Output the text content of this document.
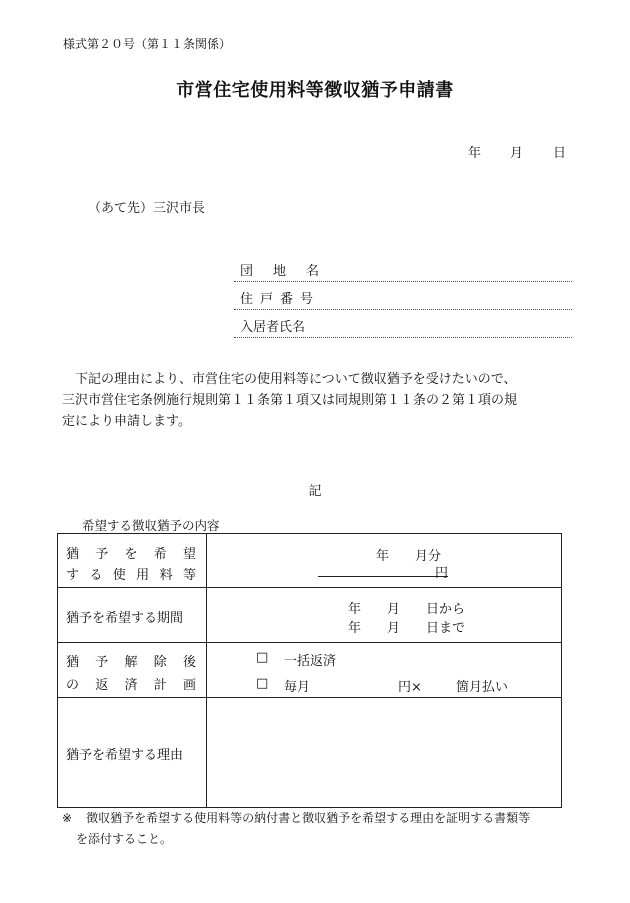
様式第２０号（第１１条関係）
市営住宅使用料等徴収猶予申請書
年 月 日
（あて先）三沢市長
団 地 名
住 戸 番 号
入居者氏名
　下記の理由により、市営住宅の使用料等について徴収猶予を受けたいので、
三沢市営住宅条例施行規則第１１条第１項又は同規則第１１条の２第１項の規
定により申請します。
記
希望する徴収猶予の内容
猶 予 を 希 望
す る 使 用 料 等
年　　月分
円
猶予を希望する期間
年　　月　　日から
年　　月　　日まで
猶 予 解 除 後
の 返 済 計 画
□ 一括返済
□ 毎月	円×	箇月払い
猶予を希望する理由
※ 徴収猶予を希望する使用料等の納付書と徴収猶予を希望する理由を証明する書類等
を添付すること。
